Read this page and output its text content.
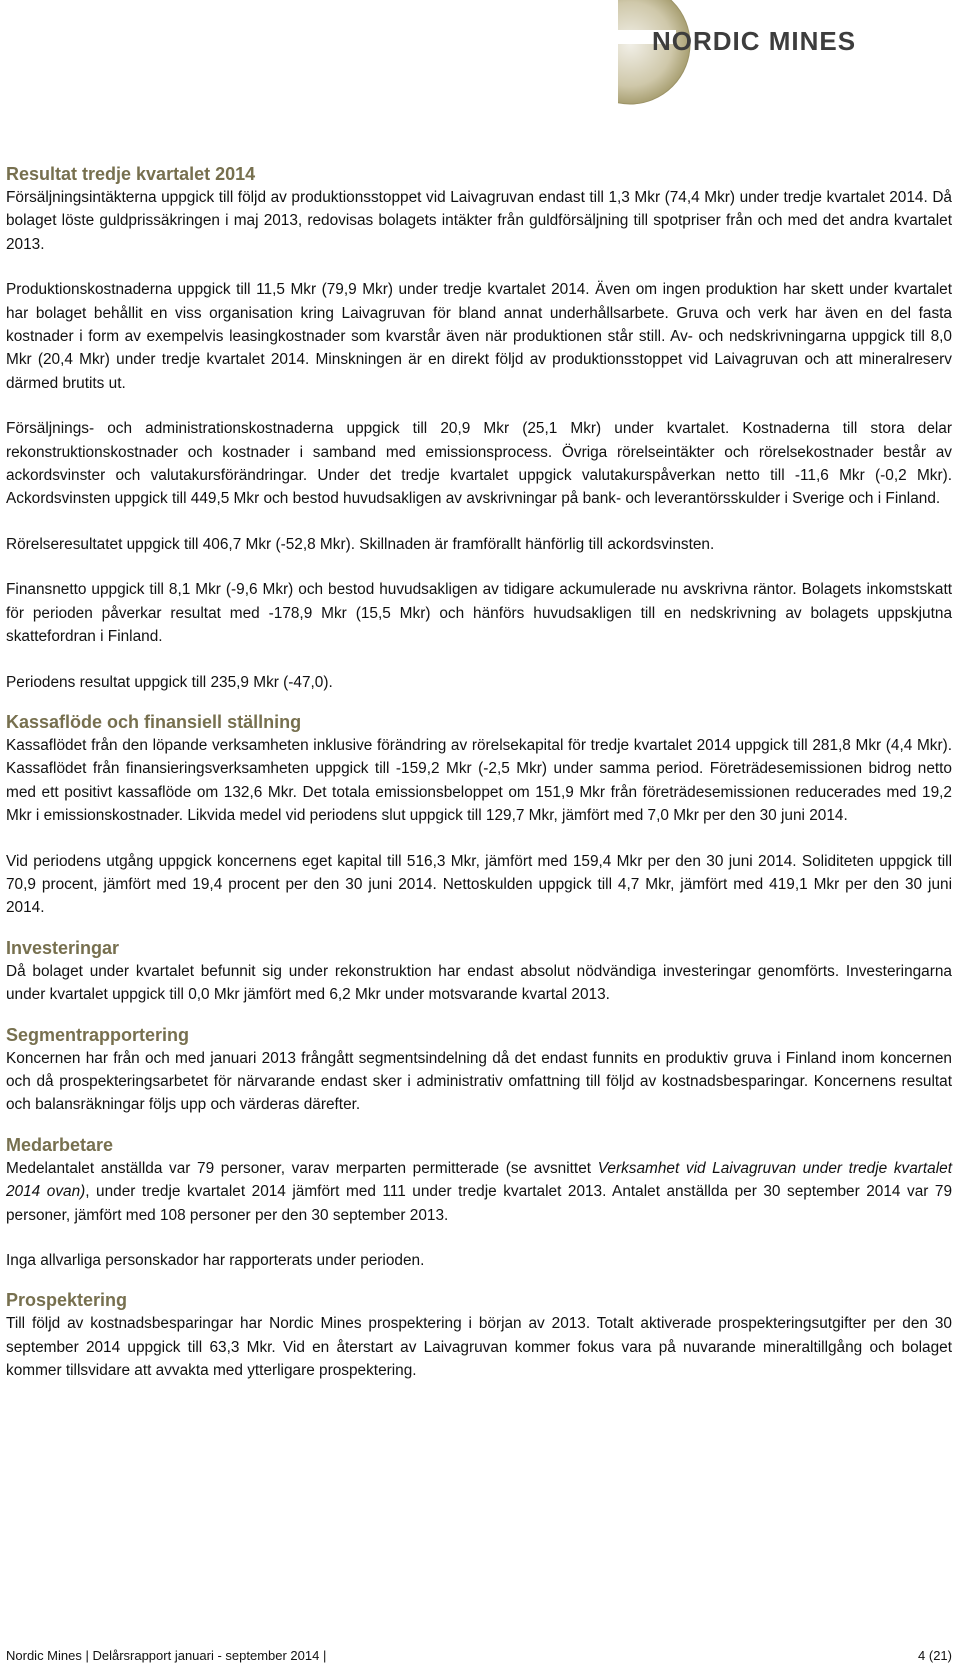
NORDIC MINES
Resultat tredje kvartalet 2014

Försäljningsintäkterna uppgick till följd av produktionsstoppet vid Laivagruvan endast till 1,3 Mkr (74,4 Mkr) under tredje kvartalet 2014. Då bolaget löste guldprissäkringen i maj 2013, redovisas bolagets intäkter från guldförsäljning till spotpriser från och med det andra kvartalet 2013.

Produktionskostnaderna uppgick till 11,5 Mkr (79,9 Mkr) under tredje kvartalet 2014. Även om ingen produktion har skett under kvartalet har bolaget behållit en viss organisation kring Laivagruvan för bland annat underhållsarbete. Gruva och verk har även en del fasta kostnader i form av exempelvis leasingkostnader som kvarstår även när produktionen står still. Av- och nedskrivningarna uppgick till 8,0 Mkr (20,4 Mkr) under tredje kvartalet 2014. Minskningen är en direkt följd av produktionsstoppet vid Laivagruvan och att mineralreserv därmed brutits ut.

Försäljnings- och administrationskostnaderna uppgick till 20,9 Mkr (25,1 Mkr) under kvartalet. Kostnaderna till stora delar rekonstruktionskostnader och kostnader i samband med emissionsprocess. Övriga rörelseintäkter och rörelsekostnader består av ackordsvinster och valutakursförändringar. Under det tredje kvartalet uppgick valutakurspåverkan netto till -11,6 Mkr (-0,2 Mkr). Ackordsvinsten uppgick till 449,5 Mkr och bestod huvudsakligen av avskrivningar på bank- och leverantörsskulder i Sverige och i Finland.

Rörelseresultatet uppgick till 406,7 Mkr (-52,8 Mkr). Skillnaden är framförallt hänförlig till ackordsvinsten.

Finansnetto uppgick till 8,1 Mkr (-9,6 Mkr) och bestod huvudsakligen av tidigare ackumulerade nu avskrivna räntor. Bolagets inkomstskatt för perioden påverkar resultat med -178,9 Mkr (15,5 Mkr) och hänförs huvudsakligen till en nedskrivning av bolagets uppskjutna skattefordran i Finland.

Periodens resultat uppgick till 235,9 Mkr (-47,0).

Kassaflöde och finansiell ställning

Kassaflödet från den löpande verksamheten inklusive förändring av rörelsekapital för tredje kvartalet 2014 uppgick till 281,8 Mkr (4,4 Mkr). Kassaflödet från finansieringsverksamheten uppgick till -159,2 Mkr (-2,5 Mkr) under samma period. Företrädesemissionen bidrog netto med ett positivt kassaflöde om 132,6 Mkr. Det totala emissionsbeloppet om 151,9 Mkr från företrädesemissionen reducerades med 19,2 Mkr i emissionskostnader. Likvida medel vid periodens slut uppgick till 129,7 Mkr, jämfört med 7,0 Mkr per den 30 juni 2014.

Vid periodens utgång uppgick koncernens eget kapital till 516,3 Mkr, jämfört med 159,4 Mkr per den 30 juni 2014. Soliditeten uppgick till 70,9 procent, jämfört med 19,4 procent per den 30 juni 2014. Nettoskulden uppgick till 4,7 Mkr, jämfört med 419,1 Mkr per den 30 juni 2014.

Investeringar

Då bolaget under kvartalet befunnit sig under rekonstruktion har endast absolut nödvändiga investeringar genomförts. Investeringarna under kvartalet uppgick till 0,0 Mkr jämfört med 6,2 Mkr under motsvarande kvartal 2013.

Segmentrapportering

Koncernen har från och med januari 2013 frångått segmentsindelning då det endast funnits en produktiv gruva i Finland inom koncernen och då prospekteringsarbetet för närvarande endast sker i administrativ omfattning till följd av kostnadsbesparingar. Koncernens resultat och balansräkningar följs upp och värderas därefter.

Medarbetare

Medelantalet anställda var 79 personer, varav merparten permitterade (se avsnittet Verksamhet vid Laivagruvan under tredje kvartalet 2014 ovan), under tredje kvartalet 2014 jämfört med 111 under tredje kvartalet 2013. Antalet anställda per 30 september 2014 var 79 personer, jämfört med 108 personer per den 30 september 2013.

Inga allvarliga personskador har rapporterats under perioden.

Prospektering

Till följd av kostnadsbesparingar har Nordic Mines prospektering i början av 2013. Totalt aktiverade prospekteringsutgifter per den 30 september 2014 uppgick till 63,3 Mkr. Vid en återstart av Laivagruvan kommer fokus vara på nuvarande mineraltillgång och bolaget kommer tillsvidare att avvakta med ytterligare prospektering.

Nordic Mines | Delårsrapport januari - september 2014 |	4 (21)
